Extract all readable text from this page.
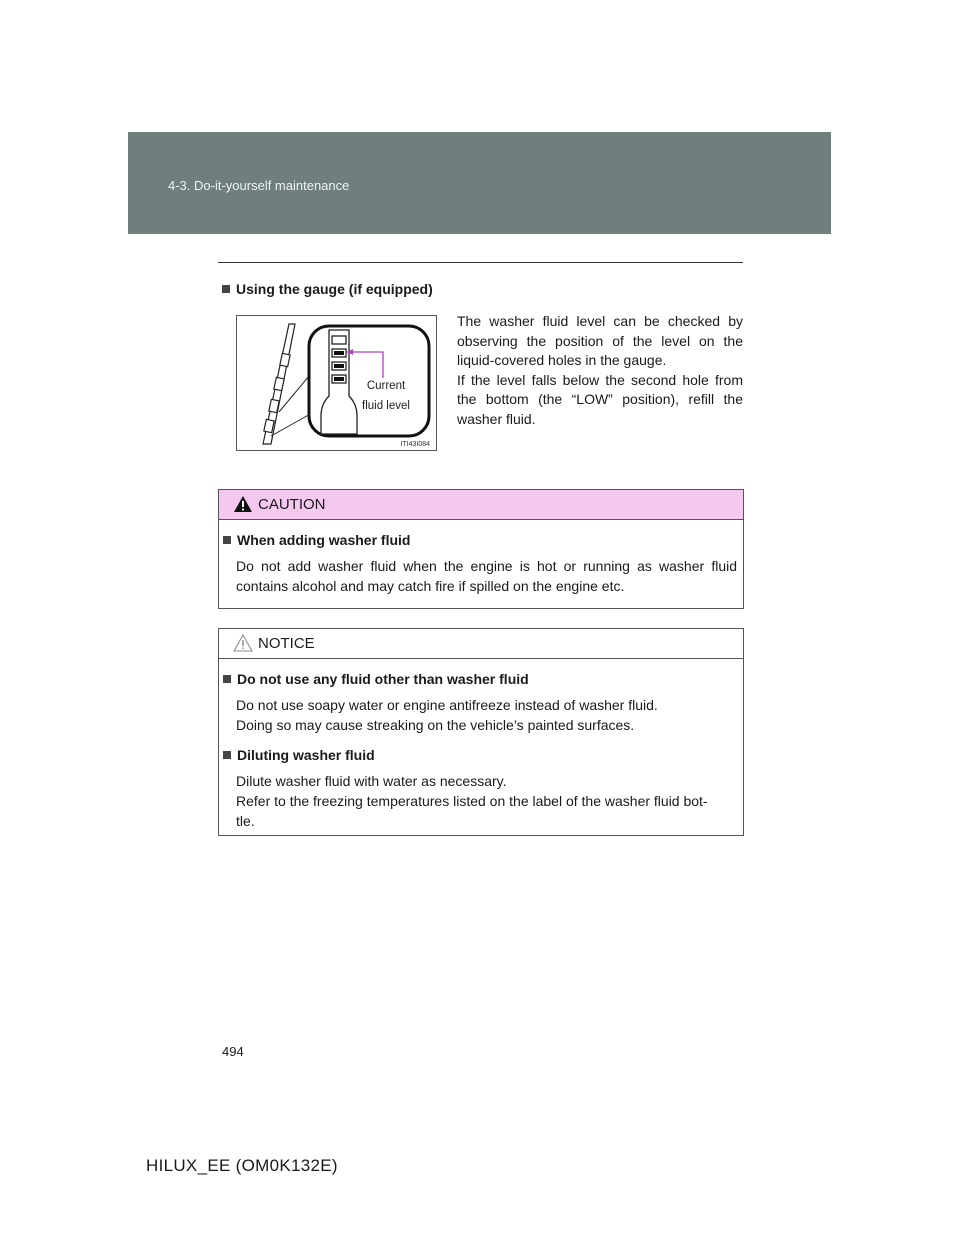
4-3. Do-it-yourself maintenance
Using the gauge (if equipped)
Current
fluid level
ITI43I084
The washer fluid level can be checked by observing the position of the level on the liquid-covered holes in the gauge.
If the level falls below the second hole from the bottom (the “LOW” position), refill the washer fluid.
CAUTION
When adding washer fluid
Do not add washer fluid when the engine is hot or running as washer fluid contains alcohol and may catch fire if spilled on the engine etc.
NOTICE
Do not use any fluid other than washer fluid
Do not use soapy water or engine antifreeze instead of washer fluid.
Doing so may cause streaking on the vehicle’s painted surfaces.
Diluting washer fluid
Dilute washer fluid with water as necessary.
Refer to the freezing temperatures listed on the label of the washer fluid bot-
tle.
494
HILUX_EE (OM0K132E)
